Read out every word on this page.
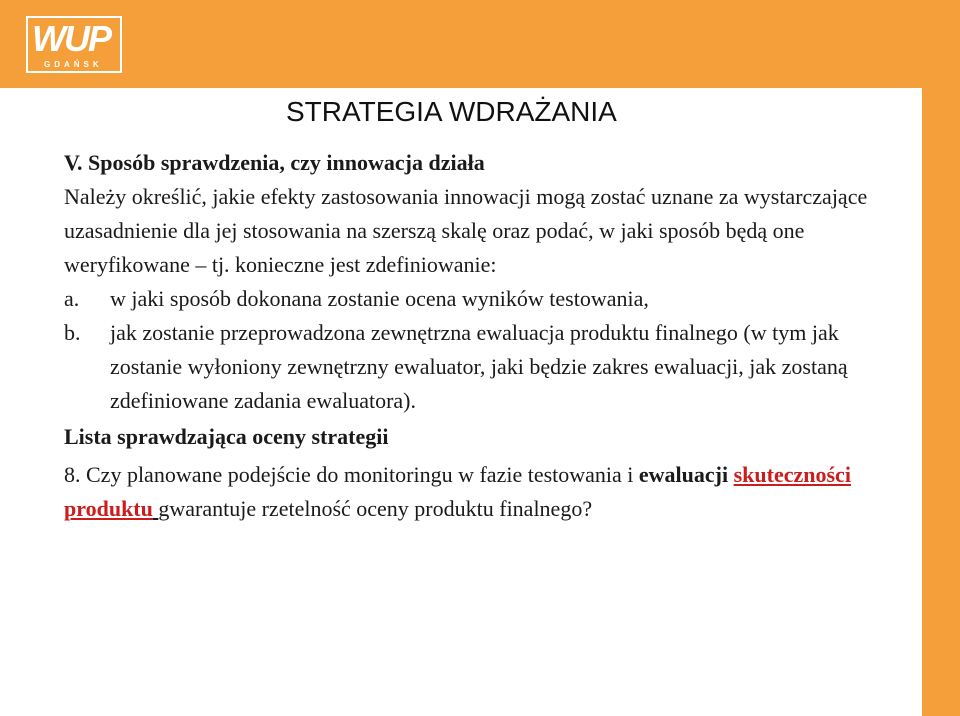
WUP
GDAŃSK
STRATEGIA WDRAŻANIA

V. Sposób sprawdzenia, czy innowacja działa

Należy określić, jakie efekty zastosowania innowacji mogą zostać uznane za wystarczające uzasadnienie dla jej stosowania na szerszą skalę oraz podać, w jaki sposób będą one weryfikowane – tj. konieczne jest zdefiniowanie:

a. w jaki sposób dokonana zostanie ocena wyników testowania,
b. jak zostanie przeprowadzona zewnętrzna ewaluacja produktu finalnego (w tym jak zostanie wyłoniony zewnętrzny ewaluator, jaki będzie zakres ewaluacji, jak zostaną zdefiniowane zadania ewaluatora).

Lista sprawdzająca oceny strategii

8. Czy planowane podejście do monitoringu w fazie testowania i ewaluacji skuteczności produktu gwarantuje rzetelność oceny produktu finalnego?
